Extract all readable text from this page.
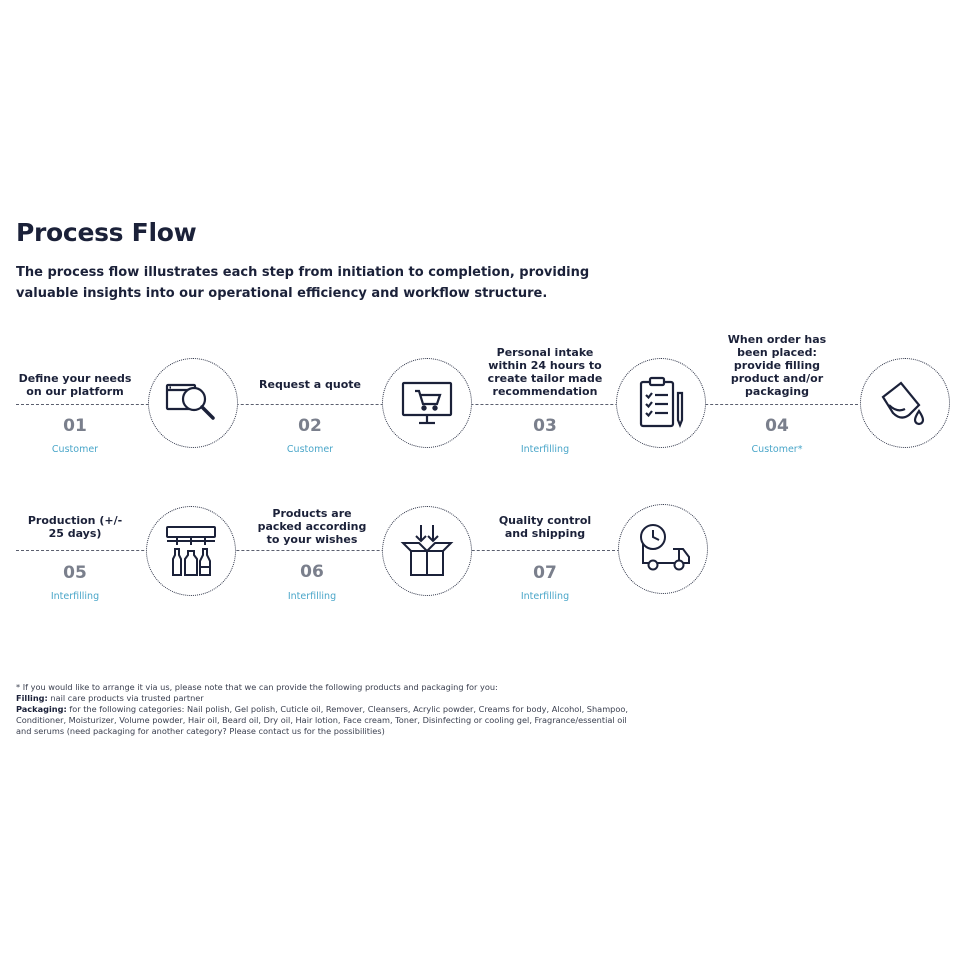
Process Flow
The process flow illustrates each step from initiation to completion, providing valuable insights into our operational efficiency and workflow structure.
Define your needs on our platform
01
Customer
Request a quote
02
Customer
Personal intake within 24 hours to create tailor made recommendation
03
Interfilling
When order has been placed: provide filling product and/or packaging
04
Customer*
Production (+/- 25 days)
05
Interfilling
Products are packed according to your wishes
06
Interfilling
Quality control and shipping
07
Interfilling
* If you would like to arrange it via us, please note that we can provide the following products and packaging for you:
Filling: nail care products via trusted partner
Packaging: for the following categories: Nail polish, Gel polish, Cuticle oil, Remover, Cleansers, Acrylic powder, Creams for body, Alcohol, Shampoo, Conditioner, Moisturizer, Volume powder, Hair oil, Beard oil, Dry oil, Hair lotion, Face cream, Toner, Disinfecting or cooling gel, Fragrance/essential oil and serums (need packaging for another category? Please contact us for the possibilities)
